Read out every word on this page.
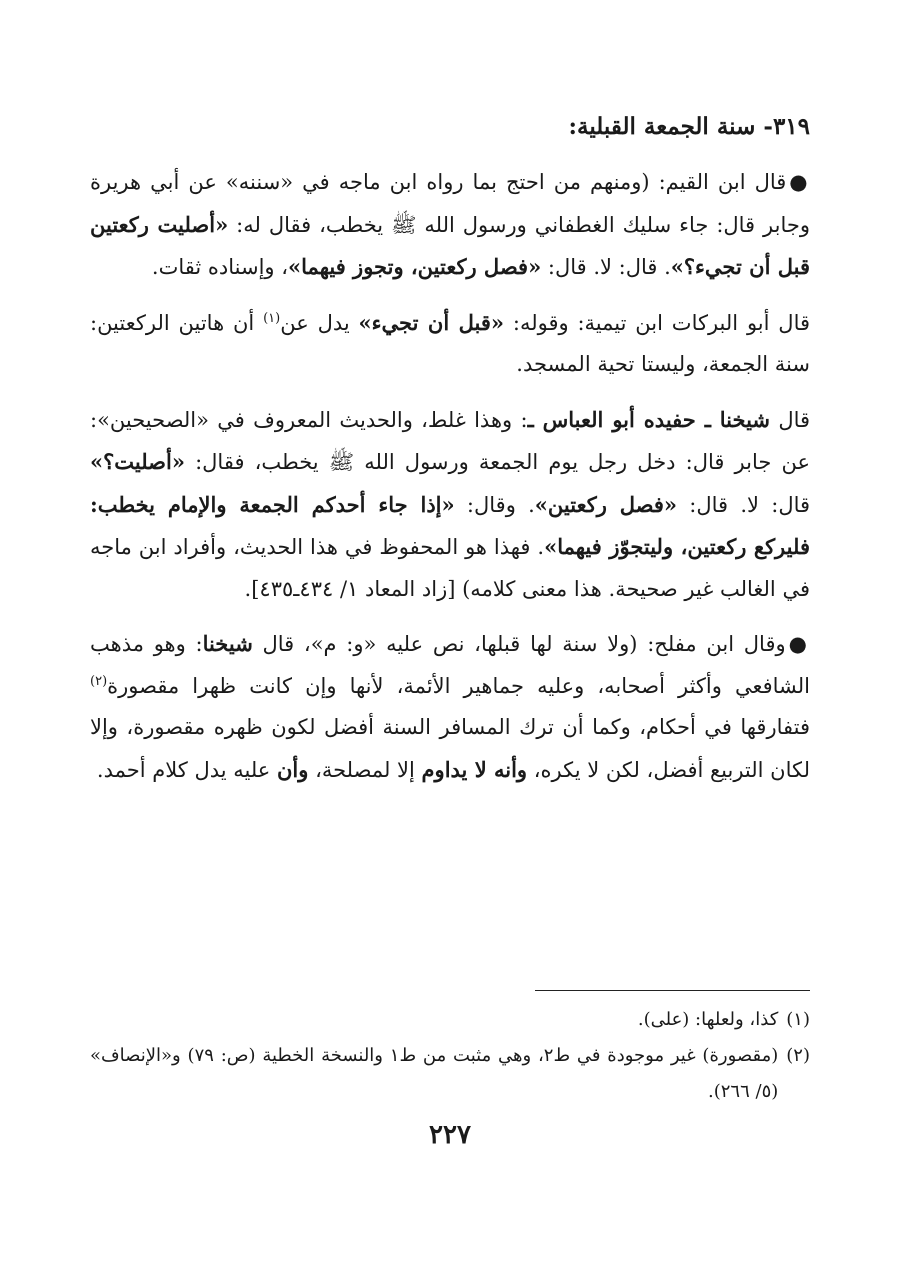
٣١٩- سنة الجمعة القبلية:

●قال ابن القيم: (ومنهم من احتج بما رواه ابن ماجه في «سننه» عن أبي هريرة وجابر قال: جاء سليك الغطفاني ورسول الله ﷺ يخطب، فقال له: «أصليت ركعتين قبل أن تجيء؟». قال: لا. قال: «فصل ركعتين، وتجوز فيهما»، وإسناده ثقات.

قال أبو البركات ابن تيمية: وقوله: «قبل أن تجيء» يدل عن$^{(١)}$ أن هاتين الركعتين: سنة الجمعة، وليستا تحية المسجد.

قال شيخنا ـ حفيده أبو العباس ـ: وهذا غلط، والحديث المعروف في «الصحيحين»: عن جابر قال: دخل رجل يوم الجمعة ورسول الله ﷺ يخطب، فقال: «أصليت؟» قال: لا. قال: «فصل ركعتين». وقال: «إذا جاء أحدكم الجمعة والإمام يخطب: فليركع ركعتين، وليتجوّز فيهما». فهذا هو المحفوظ في هذا الحديث، وأفراد ابن ماجه في الغالب غير صحيحة. هذا معنى كلامه) [زاد المعاد ١/ ٤٣٤ـ٤٣٥].

●وقال ابن مفلح: (ولا سنة لها قبلها، نص عليه «و: م»، قال شيخنا: وهو مذهب الشافعي وأكثر أصحابه، وعليه جماهير الأئمة، لأنها وإن كانت ظهرا مقصورة$^{(٢)}$ فتفارقها في أحكام، وكما أن ترك المسافر السنة أفضل لكون ظهره مقصورة، وإلا لكان التربيع أفضل، لكن لا يكره، وأنه لا يداوم إلا لمصلحة، وأن عليه يدل كلام أحمد.

(١)
كذا، ولعلها: (على).
(٢)
(مقصورة) غير موجودة في ط٢، وهي مثبت من ط١ والنسخة الخطية (ص: ٧٩) و«الإنصاف» (٥/ ٢٦٦).
٢٢٧
